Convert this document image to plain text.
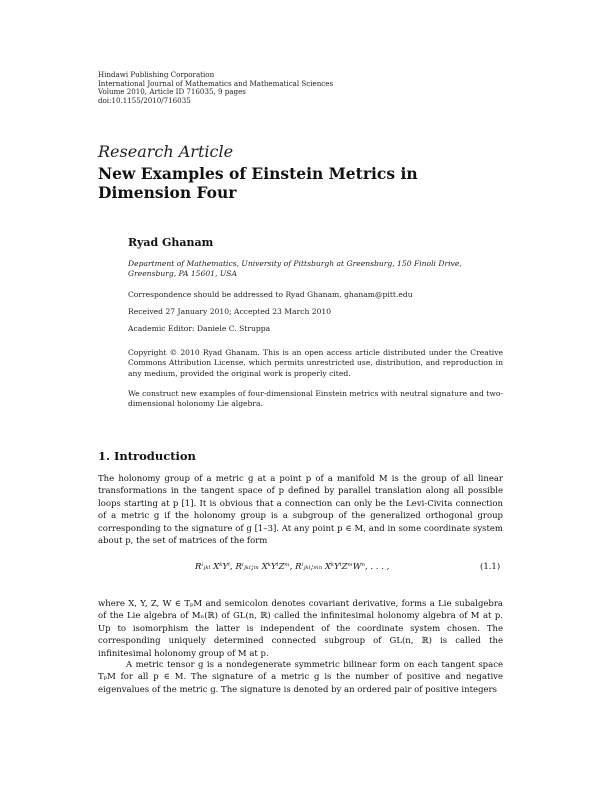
Hindawi Publishing Corporation
International Journal of Mathematics and Mathematical Sciences
Volume 2010, Article ID 716035, 9 pages
doi:10.1155/2010/716035
Research Article
New Examples of Einstein Metrics in Dimension Four
Ryad Ghanam
Department of Mathematics, University of Pittsburgh at Greensburg, 150 Finoli Drive, Greensburg, PA 15601, USA
Correspondence should be addressed to Ryad Ghanam, ghanam@pitt.edu
Received 27 January 2010; Accepted 23 March 2010
Academic Editor: Daniele C. Struppa
Copyright © 2010 Ryad Ghanam. This is an open access article distributed under the Creative Commons Attribution License, which permits unrestricted use, distribution, and reproduction in any medium, provided the original work is properly cited.
We construct new examples of four-dimensional Einstein metrics with neutral signature and two-dimensional holonomy Lie algebra.
1. Introduction
The holonomy group of a metric g at a point p of a manifold M is the group of all linear transformations in the tangent space of p defined by parallel translation along all possible loops starting at p [1]. It is obvious that a connection can only be the Levi-Civita connection of a metric g if the holonomy group is a subgroup of the generalized orthogonal group corresponding to the signature of g [1–3]. At any point p ∈ M, and in some coordinate system about p, the set of matrices of the form
Rⁱⱼₖₗ XᵏYˡ, Rⁱⱼₖₗ;ₘ XᵏYˡZᵐ, Rⁱⱼₖₗ;ₘₙ XᵏYˡZᵐWⁿ, . . . ,	(1.1)
where X, Y, Z, W ∈ TₚM and semicolon denotes covariant derivative, forms a Lie subalgebra of the Lie algebra of Mₙ(ℝ) of GL(n, ℝ) called the infinitesimal holonomy algebra of M at p. Up to isomorphism the latter is independent of the coordinate system chosen. The corresponding uniquely determined connected subgroup of GL(n, ℝ) is called the infinitesimal holonomy group of M at p.
A metric tensor g is a nondegenerate symmetric bilinear form on each tangent space TₚM for all p ∈ M. The signature of a metric g is the number of positive and negative eigenvalues of the metric g. The signature is denoted by an ordered pair of positive integers
